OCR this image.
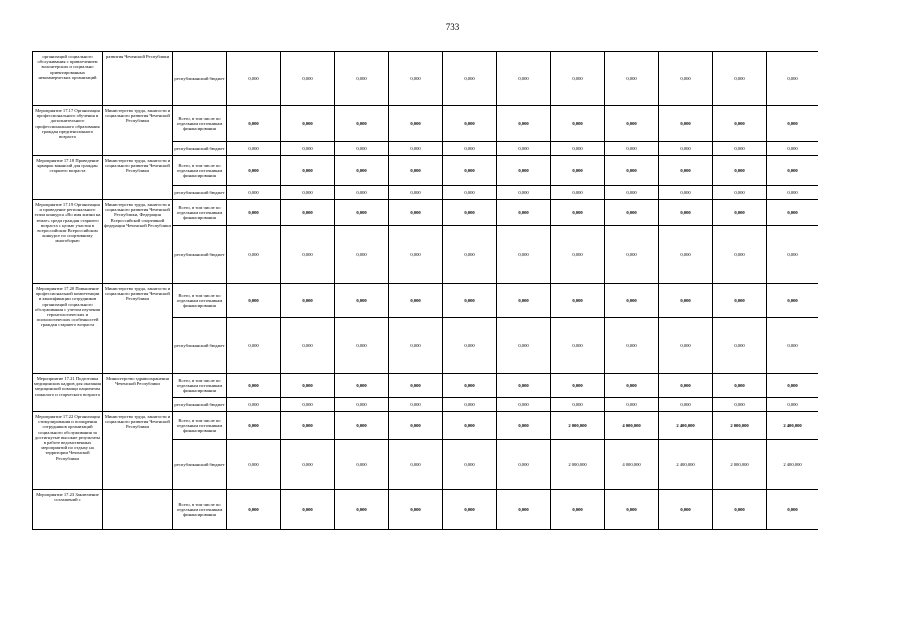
733
организаций социального обслуживания с привлечением волонтерских и социально ориентированных некоммерческих организаций	развития Чеченской Республики	республиканский бюджет	0,000	0,000	0,000	0,000	0,000	0,000	0,000	0,000	0,000	0,000	0,000
Мероприятие 17.17 Организация профессионального обучения и дополнительного профессионального образования граждан предпенсионного возраста	Министерство труда, занятости и социального развития Чеченской Республики	Всего, в том числе по отдельным источникам финансирования	0,000	0,000	0,000	0,000	0,000	0,000	0,000	0,000	0,000	0,000	0,000
		республиканский бюджет	0,000	0,000	0,000	0,000	0,000	0,000	0,000	0,000	0,000	0,000	0,000
Мероприятие 17.18 Проведение ярмарок вакансий для граждан старшего возраста	Министерство труда, занятости и социального развития Чеченской Республики	Всего, в том числе по отдельным источникам финансирования	0,000	0,000	0,000	0,000	0,000	0,000	0,000	0,000	0,000	0,000	0,000
		республиканский бюджет	0,000	0,000	0,000	0,000	0,000	0,000	0,000	0,000	0,000	0,000	0,000
Мероприятие 17.19 Организация и проведение регионального этапа конкурса «Во имя жизни на земле» среди граждан старшего возраста с целью участия в всероссийском Всероссийском конкурсе по спортивному многоборью	Министерство труда, занятости и социального развития Чеченской Республики, Федерация Всероссийской спортивной федерации Чеченской Республики	Всего, в том числе по отдельным источникам финансирования	0,000	0,000	0,000	0,000	0,000	0,000	0,000	0,000	0,000	0,000	0,000
		республиканский бюджет	0,000	0,000	0,000	0,000	0,000	0,000	0,000	0,000	0,000	0,000	0,000
Мероприятие 17.20 Повышение профессиональной компетенции и квалификации сотрудников организаций социального обслуживания с учетом изучения геронтологических и психологических особенностей граждан старшего возраста	Министерство труда, занятости и социального развития Чеченской Республики	Всего, в том числе по отдельным источникам финансирования	0,000	0,000	0,000	0,000	0,000	0,000	0,000	0,000	0,000	0,000	0,000
		республиканский бюджет	0,000	0,000	0,000	0,000	0,000	0,000	0,000	0,000	0,000	0,000	0,000
Мероприятие 17.21 Подготовка медицинских кадров для оказания медицинской помощи пациентам пожилого и старческого возраста	Министерство здравоохранения Чеченской Республики	Всего, в том числе по отдельным источникам финансирования	0,000	0,000	0,000	0,000	0,000	0,000	0,000	0,000	0,000	0,000	0,000
		республиканский бюджет	0,000	0,000	0,000	0,000	0,000	0,000	0,000	0,000	0,000	0,000	0,000
Мероприятие 17.22 Организация стимулирования и поощрения сотрудников организаций социального обслуживания за достигнутые высокие результаты в работе ведомственных мероприятий по отдыху на территории Чеченской Республики	Министерство труда, занятости и социального развития Чеченской Республики	Всего, в том числе по отдельным источникам финансирования	0,000	0,000	0,000	0,000	0,000	0,000	2 000,000	4 000,000	2 400,000	2 000,000	2 400,000
		республиканский бюджет	0,000	0,000	0,000	0,000	0,000	0,000	2 000,000	4 000,000	2 400,000	2 000,000	2 400,000
Мероприятие 17.23 Заключение соглашений с		Всего, в том числе по отдельным источникам финансирования	0,000	0,000	0,000	0,000	0,000	0,000	0,000	0,000	0,000	0,000	0,000
